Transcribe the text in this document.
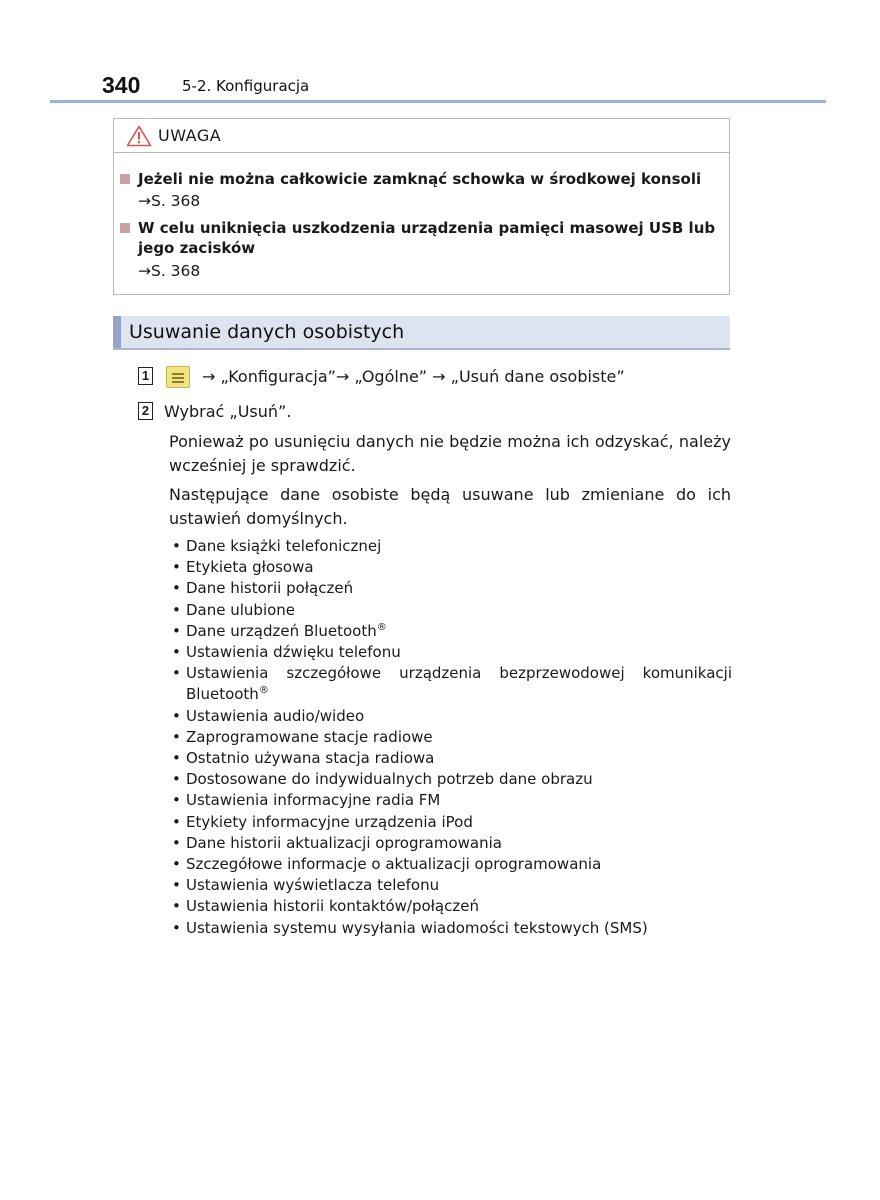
340	5-2. Konfiguracja
UWAGA
Jeżeli nie można całkowicie zamknąć schowka w środkowej konsoli
→S. 368
W celu uniknięcia uszkodzenia urządzenia pamięci masowej USB lub jego zacisków
→S. 368
Usuwanie danych osobistych
1	→ „Konfiguracja”→ „Ogólne” → „Usuń dane osobiste”
2 Wybrać „Usuń”.
Ponieważ po usunięciu danych nie będzie można ich odzyskać, należy wcześniej je sprawdzić.
Następujące dane osobiste będą usuwane lub zmieniane do ich ustawień domyślnych.
• Dane książki telefonicznej
• Etykieta głosowa
• Dane historii połączeń
• Dane ulubione
• Dane urządzeń Bluetooth®
• Ustawienia dźwięku telefonu
• Ustawienia szczegółowe urządzenia bezprzewodowej komunikacji Bluetooth®
• Ustawienia audio/wideo
• Zaprogramowane stacje radiowe
• Ostatnio używana stacja radiowa
• Dostosowane do indywidualnych potrzeb dane obrazu
• Ustawienia informacyjne radia FM
• Etykiety informacyjne urządzenia iPod
• Dane historii aktualizacji oprogramowania
• Szczegółowe informacje o aktualizacji oprogramowania
• Ustawienia wyświetlacza telefonu
• Ustawienia historii kontaktów/połączeń
• Ustawienia systemu wysyłania wiadomości tekstowych (SMS)
